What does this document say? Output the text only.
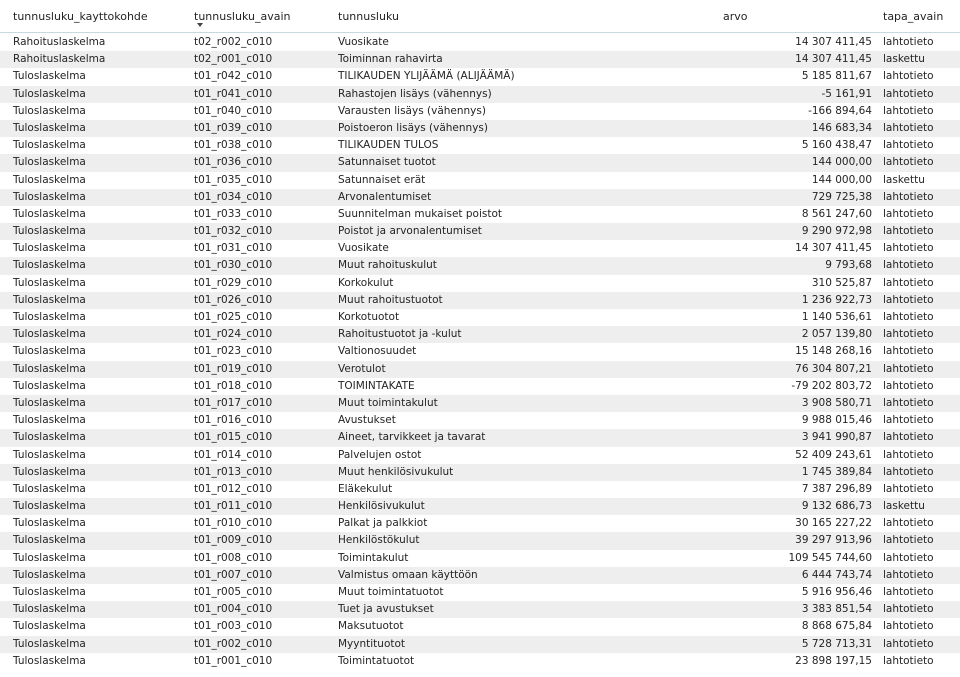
tunnusluku_kayttokohde	tunnusluku_avain	tunnusluku	arvo	tapa_avain
Rahoituslaskelma	t02_r002_c010	Vuosikate	14 307 411,45 lahtotieto
Rahoituslaskelma	t02_r001_c010	Toiminnan rahavirta	14 307 411,45 laskettu
Tuloslaskelma	t01_r042_c010	TILIKAUDEN YLIJÄÄMÄ (ALIJÄÄMÄ)	5 185 811,67 lahtotieto
Tuloslaskelma	t01_r041_c010	Rahastojen lisäys (vähennys)	-5 161,91 lahtotieto
Tuloslaskelma	t01_r040_c010	Varausten lisäys (vähennys)	-166 894,64 lahtotieto
Tuloslaskelma	t01_r039_c010	Poistoeron lisäys (vähennys)	146 683,34 lahtotieto
Tuloslaskelma	t01_r038_c010	TILIKAUDEN TULOS	5 160 438,47 lahtotieto
Tuloslaskelma	t01_r036_c010	Satunnaiset tuotot	144 000,00 lahtotieto
Tuloslaskelma	t01_r035_c010	Satunnaiset erät	144 000,00 laskettu
Tuloslaskelma	t01_r034_c010	Arvonalentumiset	729 725,38 lahtotieto
Tuloslaskelma	t01_r033_c010	Suunnitelman mukaiset poistot	8 561 247,60 lahtotieto
Tuloslaskelma	t01_r032_c010	Poistot ja arvonalentumiset	9 290 972,98 lahtotieto
Tuloslaskelma	t01_r031_c010	Vuosikate	14 307 411,45 lahtotieto
Tuloslaskelma	t01_r030_c010	Muut rahoituskulut	9 793,68 lahtotieto
Tuloslaskelma	t01_r029_c010	Korkokulut	310 525,87 lahtotieto
Tuloslaskelma	t01_r026_c010	Muut rahoitustuotot	1 236 922,73 lahtotieto
Tuloslaskelma	t01_r025_c010	Korkotuotot	1 140 536,61 lahtotieto
Tuloslaskelma	t01_r024_c010	Rahoitustuotot ja -kulut	2 057 139,80 lahtotieto
Tuloslaskelma	t01_r023_c010	Valtionosuudet	15 148 268,16 lahtotieto
Tuloslaskelma	t01_r019_c010	Verotulot	76 304 807,21 lahtotieto
Tuloslaskelma	t01_r018_c010	TOIMINTAKATE	-79 202 803,72 lahtotieto
Tuloslaskelma	t01_r017_c010	Muut toimintakulut	3 908 580,71 lahtotieto
Tuloslaskelma	t01_r016_c010	Avustukset	9 988 015,46 lahtotieto
Tuloslaskelma	t01_r015_c010	Aineet, tarvikkeet ja tavarat	3 941 990,87 lahtotieto
Tuloslaskelma	t01_r014_c010	Palvelujen ostot	52 409 243,61 lahtotieto
Tuloslaskelma	t01_r013_c010	Muut henkilösivukulut	1 745 389,84 lahtotieto
Tuloslaskelma	t01_r012_c010	Eläkekulut	7 387 296,89 lahtotieto
Tuloslaskelma	t01_r011_c010	Henkilösivukulut	9 132 686,73 laskettu
Tuloslaskelma	t01_r010_c010	Palkat ja palkkiot	30 165 227,22 lahtotieto
Tuloslaskelma	t01_r009_c010	Henkilöstökulut	39 297 913,96 lahtotieto
Tuloslaskelma	t01_r008_c010	Toimintakulut	109 545 744,60 lahtotieto
Tuloslaskelma	t01_r007_c010	Valmistus omaan käyttöön	6 444 743,74 lahtotieto
Tuloslaskelma	t01_r005_c010	Muut toimintatuotot	5 916 956,46 lahtotieto
Tuloslaskelma	t01_r004_c010	Tuet ja avustukset	3 383 851,54 lahtotieto
Tuloslaskelma	t01_r003_c010	Maksutuotot	8 868 675,84 lahtotieto
Tuloslaskelma	t01_r002_c010	Myyntituotot	5 728 713,31 lahtotieto
Tuloslaskelma	t01_r001_c010	Toimintatuotot	23 898 197,15 lahtotieto
